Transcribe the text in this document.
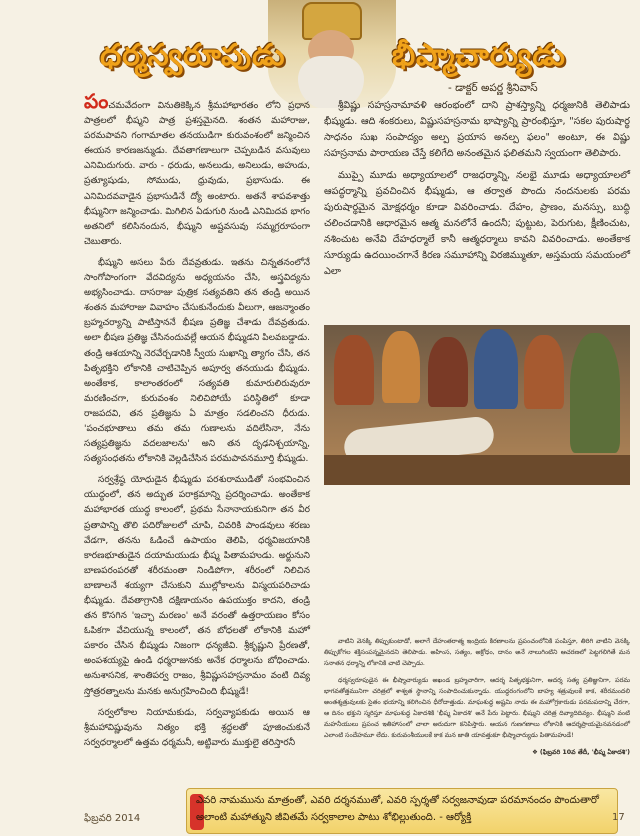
ధర్మస్వరూపుడు	భీష్మాచార్యుడు
- డాక్టర్ అపర్ణ శ్రీనివాస్

పంచమవేదంగా వినుతికెక్కిన శ్రీమహాభారతం లోని ప్రధాన పాత్రలలో భీష్మని పాత్ర ప్రశస్తమైనది. శంతన మహారాజు, పరమపావని గంగామాతల తనయుడిగా కురువంశంలో జన్మించిన ఈయన కారణజన్ముడు. దేవతాగణాలుగా చెప్పబడిన వసువులు ఎనిమిదుగురు. వారు - ధరుడు, అనలుడు, అనిలుడు, అహుడు, ప్రత్యూషుడు, సోముడు, ధ్రువుడు, ప్రభాసుడు. ఈ ఎనిమిదవవాడైన ప్రభాసుడినే ద్యో అంటారు. అతనే శాపవశాత్తు భీష్మునిగా జన్మించాడు. మిగిలిన ఏడుగురి నుండి ఎనిమిదవ భాగం అతనిలో కలిసినందున, భీష్ముని అష్టవసువు సమ్మగ్రరూపంగా చెబుతారు.

భీష్ముని అసలు పేరు దేవవ్రతుడు. ఇతను చిన్నతనంలోనే సాంగోపాంగంగా వేదవిద్యను అధ్యయనం చేసి, అస్త్రవిద్యను అభ్యసించాడు. దాసరాజు పుత్రిక సత్యవతిని తన తండ్రి అయిన శంతన మహారాజు వివాహం చేసుకునేందుకు వీలుగా, ఆజన్మాంతం బ్రహ్మచర్యాన్ని పాటిస్తాననే భీషణ ప్రతిజ్ఞ చేశాడు దేవవ్రతుడు. అలా భీషణ ప్రతిజ్ఞ చేసినందువల్లే ఆయన భీష్ముడని పిలవబడ్డాడు. తండ్రి ఆశయాన్ని నెరవేర్చడానికి స్వీయ సుఖాన్ని త్యాగం చేసి, తన పితృభక్తిని లోకానికి చాటిచెప్పిన అపూర్వ తనయుడు భీష్ముడు. అంతేకాక, కాలాంతరంలో సత్యవతి కుమారులిరువురూ మరణించగా, కురువంశం నిలిచిపోయే పరిస్థితిలో కూడా రాజపదవి, తన ప్రతిజ్ఞను ఏ మాత్రం సడలించని ధీరుడు. 'పంచభూతాలు తమ తమ గుణాలను వదిలేసినా, నేను సత్యప్రతిజ్ఞను వదలజాలను' అని తన దృఢనిశ్చయాన్ని, సత్యసంధతను లోకానికి వెల్లడిచేసిన పరమపావనమూర్తి భీష్ముడు.

సర్వశ్రేష్ఠ యోధుడైన భీష్ముడు పరశురాముడితో సంభవించిన యుద్ధంలో, తన అద్భుత పరాక్రమాన్ని ప్రదర్శించాడు. అంతేకాక మహాభారత యుద్ధ కాలంలో, ప్రథమ సేనానాయకునిగా తన వీర ప్రతాపాన్ని తొలి పదిరోజులలో చూపి, చివరికి పాండవులు శరణు వేడగా, తనను ఓడించే ఉపాయం తెలిపి, ధర్మవిజయానికి కారణభూతుడైన దయామయుడు భీష్మ పితామహుడు. అర్జునుని బాణపరంపరతో శరీరమంతా నిండిపోగా, శరీరంలో నిలిచిన బాణాలనే శయ్యగా చేసుకుని ముల్లోకాలను విస్మయపరిచాడు భీష్ముడు. దేవతాగ్రానికి దక్షిణాయనం ఉపయుక్తం కాదని, తండ్రి తన కొసగిన 'ఇచ్ఛా మరణం' అనే వరంతో ఉత్తరాయణం కోసం ఓపికగా వేచియున్న కాలంలో, తన బోధలతో లోకానికి మహో పకారం చేసిన భీష్ముడు నిజంగా ధన్యజీవి. శ్రీకృష్ణుని ప్రేరణతో, అంపశయ్యపై ఉండి ధర్మరాజునకు అనేక ధర్మాలను బోధించాడు. అనుశాసనిక, శాంతిపర్వ రాజం, శ్రీవిష్ణుసహస్రనామం వంటి దివ్య స్తోత్రరత్నాలను మనకు అనుగ్రహించింది భీష్ముడే!

సర్వలోకాల నియామకుడు, సర్వవ్యాపకుడు అయిన ఆ శ్రీమహావిష్ణువును నిత్యం భక్తి శ్రద్ధలతో పూజించుకునే సర్వధర్మాలలో ఉత్తమ ధర్మమనీ, అట్టివారు ముక్తులై తరిస్తారనీ

శ్రీవిష్ణు సహస్రనామావళి ఆరంభంలో దాని ప్రాశస్త్యాన్ని ధర్మజునికి తెలిపాడు భీష్ముడు. ఆది శంకరులు, విష్ణుసహస్రనామ భాష్యాన్ని ప్రారంభిస్తూ, "సకల పురుషార్థ సాధనం సుఖ సంపాద్యం అల్ప ప్రయాస అనల్ప ఫలం" అంటూ, ఈ విష్ణు సహస్రనామ పారాయణ చేస్తే కలిగేది అనంతమైన ఫలితమని స్వయంగా తెలిపారు.

ముప్పై మూడు అధ్యాయాలలో రాజధర్మాన్ని, నలభై మూడు అధ్యాయాలలో ఆపద్ధర్మాన్ని ప్రవచించిన భీష్ముడు, ఆ తర్వాత పొందు నందనులకు పరమ పురుషార్థమైన మోక్షధర్మం కూడా వివరించాడు. దేహం, ప్రాణం, మనస్సు, బుద్ధి చలించడానికి ఆధారమైన ఆత్మ మనలోనే ఉందనీ; పుట్టుట, పెరుగుట, క్షీణించుట, నశించుట అనేవి దేహధర్మాలే కానీ ఆత్మధర్మాలు కావని వివరించాడు. అంతేకాక సూర్యుడు ఉదయించగానే కిరణ సమూహాన్ని విరజిమ్ముతూ, అస్తమయ సమయంలో ఎలా

వాటిని వెనక్కి తిప్పుకుంటాడో, అలాగే దేహంతరాత్మ ఇంద్రియ కిరణాలను ప్రపంచంలోనికి పంపిస్తూ, తిరిగి వాటిని వెనక్కి తిప్పుకోగల శక్తిసంపన్నమైనదని తెలిపాడు. అహింస, సత్యం, అక్రోధం, దానం అనే నాలుగింటిని ఆచరణలో పెట్టగలిగితే మన సనాతన ధర్మాన్ని లోకానికి చాటి చెప్పాడు.

ధర్మస్వరూపుడైన ఈ భీష్మాచార్యుడు అఖండ బ్రహ్మచారిగా, ఆదర్శ పితృభక్తునిగా, ఆదర్శ సత్య ప్రతిజ్ఞునిగా, పరమ భాగవతోత్తమునిగా చరిత్రలో శాశ్వత స్థానాన్ని సంపాదించుకున్నాడు. యుద్ధరంగంలోని బాహ్య శత్రువులకే కాక, శరీరమందలి అంతశ్శత్రువులకు సైతం భయాన్ని కలిగించిన ధీరోదాత్తుడు. మాఘశుద్ధ అష్టమి నాడు ఈ మహోగ్రకారుడు పరమపదాన్ని చేరగా, ఆ దినం భక్తుని స్మరిస్తూ మాఘశుద్ధ ఏకాదశికి 'భీష్మ ఏకాదశి' అనే పేరు పెట్టారు. భీష్ముని చరిత్ర దివ్యాదిదివ్యం. భీష్ముని వంటి మహనీయులు ప్రపంచ ఇతిహాసంలో చాలా అరుదుగా కనిపిస్తారు. ఆయన గుణగణాలు లోకానికి ఆదర్శప్రాయమైనవనడంలో ఎలాంటి సందేహమూ లేదు. కురువంశీయులకే కాక మన జాతి యావత్తుకూ భీష్మాచార్యుడు పితామహుడే!

❖ (ఫిబ్రవరి 10వ తేదీ, 'భీష్మ ఏకాదశి')

ఎవరి నామమును మాత్రంతో, ఎవరి దర్శనముతో, ఎవరి స్పర్శతో సర్వజనావుడా పరమానందం పొందుతారో అలాంటి మహాత్ముని జీవితమే సర్వకాలాల పాటు శోభిల్లుతుంది. - ఆర్యోక్తి
ఫిబ్రవరి 2014	17
